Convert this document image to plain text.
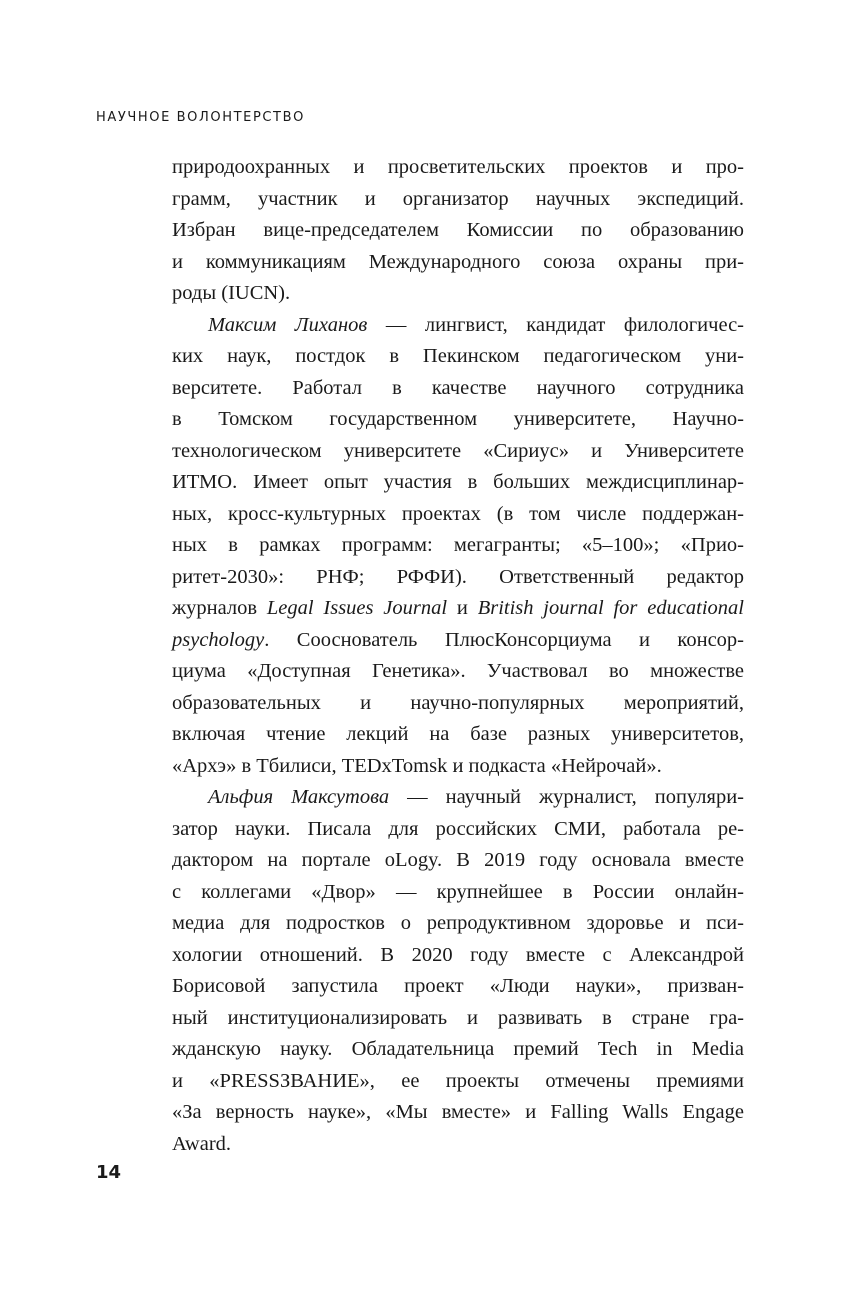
НАУЧНОЕ ВОЛОНТЕРСТВО
природоохранных и просветительских проектов и про-
грамм, участник и организатор научных экспедиций.
Избран вице-председателем Комиссии по образованию
и коммуникациям Международного союза охраны при-
роды (IUCN).
Максим Лиханов — лингвист, кандидат филологичес-
ких наук, постдок в Пекинском педагогическом уни-
верситете. Работал в качестве научного сотрудника
в Томском государственном университете, Научно-
технологическом университете «Сириус» и Университете
ИТМО. Имеет опыт участия в больших междисциплинар-
ных, кросс-культурных проектах (в том числе поддержан-
ных в рамках программ: мегагранты; «5–100»; «Прио-
ритет-2030»: РНФ; РФФИ). Ответственный редактор
журналов Legal Issues Journal и British journal for educational
psychology. Сооснователь ПлюсКонсорциума и консор-
циума «Доступная Генетика». Участвовал во множестве
образовательных и научно-популярных мероприятий,
включая чтение лекций на базе разных университетов,
«Архэ» в Тбилиси, TEDxTomsk и подкаста «Нейрочай».
Альфия Максутова — научный журналист, популяри-
затор науки. Писала для российских СМИ, работала ре-
дактором на портале oLogy. В 2019 году основала вместе
с коллегами «Двор» — крупнейшее в России онлайн-
медиа для подростков о репродуктивном здоровье и пси-
хологии отношений. В 2020 году вместе с Александрой
Борисовой запустила проект «Люди науки», призван-
ный институционализировать и развивать в стране гра-
жданскую науку. Обладательница премий Tech in Media
и «PRESSЗВАНИЕ», ее проекты отмечены премиями
«За верность науке», «Мы вместе» и Falling Walls Engage
Award.
14
